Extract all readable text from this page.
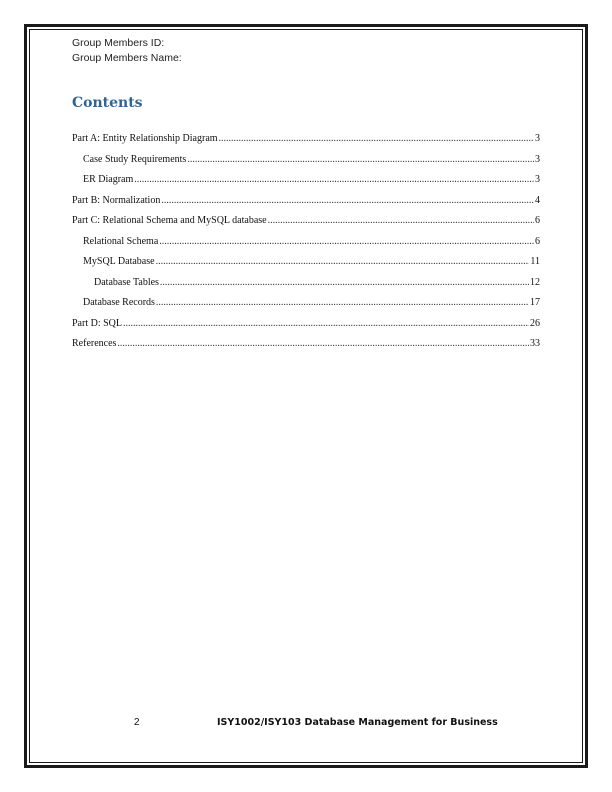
Group Members ID:
Group Members Name:
Contents
Part A: Entity Relationship Diagram .....	3
Case Study Requirements .....	3
ER Diagram .....	3
Part B: Normalization .....	4
Part C: Relational Schema and MySQL database .....	6
Relational Schema .....	6
MySQL Database .....	11
Database Tables .....	12
Database Records .....	17
Part D: SQL .....	26
References .....	33
2	ISY1002/ISY103 Database Management for Business
